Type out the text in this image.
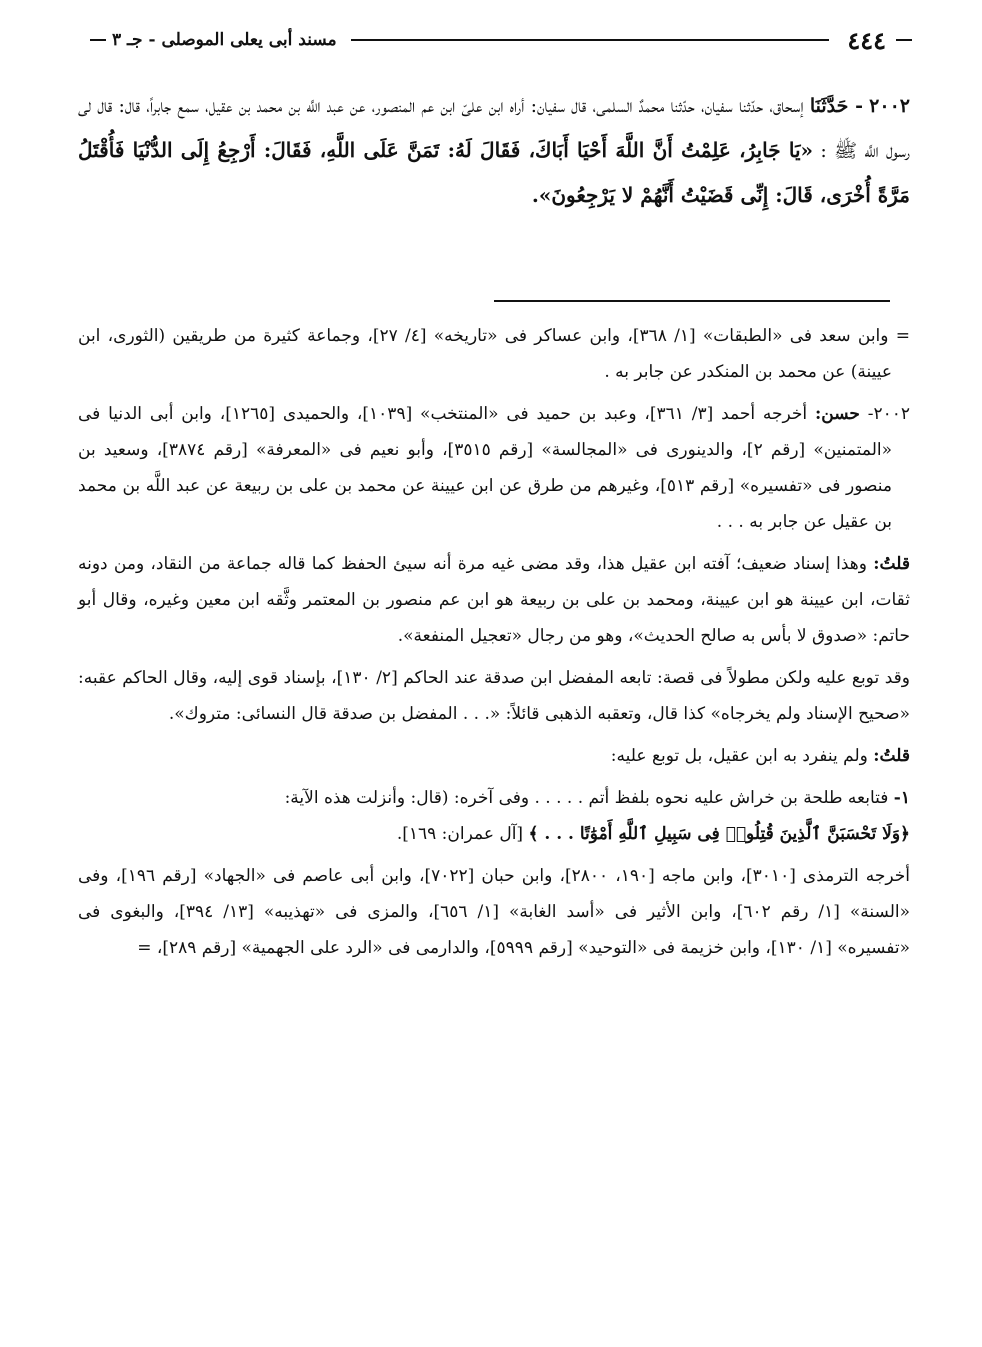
٤٤٤
مسند أبى يعلى الموصلى - جـ ٣
٢٠٠٢ - حَدَّثَنَا إسحاق، حدّثنا سفيان، حدّثنا محمدٌ السلمى، قال سفيان: أراه ابن علىّ ابن عم المنصور، عن عبد اللَّه بن محمد بن عقيل، سمع جابراً، قال: قال لى رسول اللَّه ﷺ : «يَا جَابِرُ، عَلِمْتُ أَنَّ اللَّهَ أَحْيَا أَبَاكَ، فَقَالَ لَهُ: تَمَنَّ عَلَى اللَّهِ، فَقَالَ: أَرْجِعُ إِلَى الدُّنْيَا فَأُقْتَلُ مَرَّةً أُخْرَى، قَالَ: إِنِّى قَضَيْتُ أَنَّهُمْ لا يَرْجِعُونَ».

= وابن سعد فى «الطبقات» [١/ ٣٦٨]، وابن عساكر فى «تاريخه» [٤/ ٢٧]، وجماعة كثيرة من طريقين (الثورى، ابن عيينة) عن محمد بن المنكدر عن جابر به .

٢٠٠٢- حسن: أخرجه أحمد [٣/ ٣٦١]، وعبد بن حميد فى «المنتخب» [١٠٣٩]، والحميدى [١٢٦٥]، وابن أبى الدنيا فى «المتمنين» [رقم ٢]، والدينورى فى «المجالسة» [رقم ٣٥١٥]، وأبو نعيم فى «المعرفة» [رقم ٣٨٧٤]، وسعيد بن منصور فى «تفسيره» [رقم ٥١٣]، وغيرهم من طرق عن ابن عيينة عن محمد بن على بن ربيعة عن عبد اللَّه بن محمد بن عقيل عن جابر به . . .

قلتُ: وهذا إسناد ضعيف؛ آفته ابن عقيل هذا، وقد مضى غيه مرة أنه سيئ الحفظ كما قاله جماعة من النقاد، ومن دونه ثقات، ابن عيينة هو ابن عيينة، ومحمد بن على بن ربيعة هو ابن عم منصور بن المعتمر وثَّقه ابن معين وغيره، وقال أبو حاتم: «صدوق لا بأس به صالح الحديث»، وهو من رجال «تعجيل المنفعة».

وقد توبع عليه ولكن مطولاً فى قصة: تابعه المفضل ابن صدقة عند الحاكم [٢/ ١٣٠]، بإسناد قوى إليه، وقال الحاكم عقبه: «صحيح الإسناد ولم يخرجاه» كذا قال، وتعقبه الذهبى قائلاً: «. . . المفضل بن صدقة قال النسائى: متروك».

قلتُ: ولم ينفرد به ابن عقيل، بل توبع عليه:

١- فتابعه طلحة بن خراش عليه نحوه بلفظ أتم . . . . . وفى آخره: (قال: وأنزلت هذه الآية:
﴿وَلَا تَحْسَبَنَّ ٱلَّذِينَ قُتِلُوا۟ فِى سَبِيلِ ٱللَّهِ أَمْوَٰتًا . . . ﴾ [آل عمران: ١٦٩].

أخرجه الترمذى [٣٠١٠]، وابن ماجه [١٩٠، ٢٨٠٠]، وابن حبان [٧٠٢٢]، وابن أبى عاصم فى «الجهاد» [رقم ١٩٦]، وفى «السنة» [١/ رقم ٦٠٢]، وابن الأثير فى «أسد الغابة» [١/ ٦٥٦]، والمزى فى «تهذيبه» [١٣/ ٣٩٤]، والبغوى فى «تفسيره» [١/ ١٣٠]، وابن خزيمة فى «التوحيد» [رقم ٥٩٩٩]، والدارمى فى «الرد على الجهمية» [رقم ٢٨٩]، =
